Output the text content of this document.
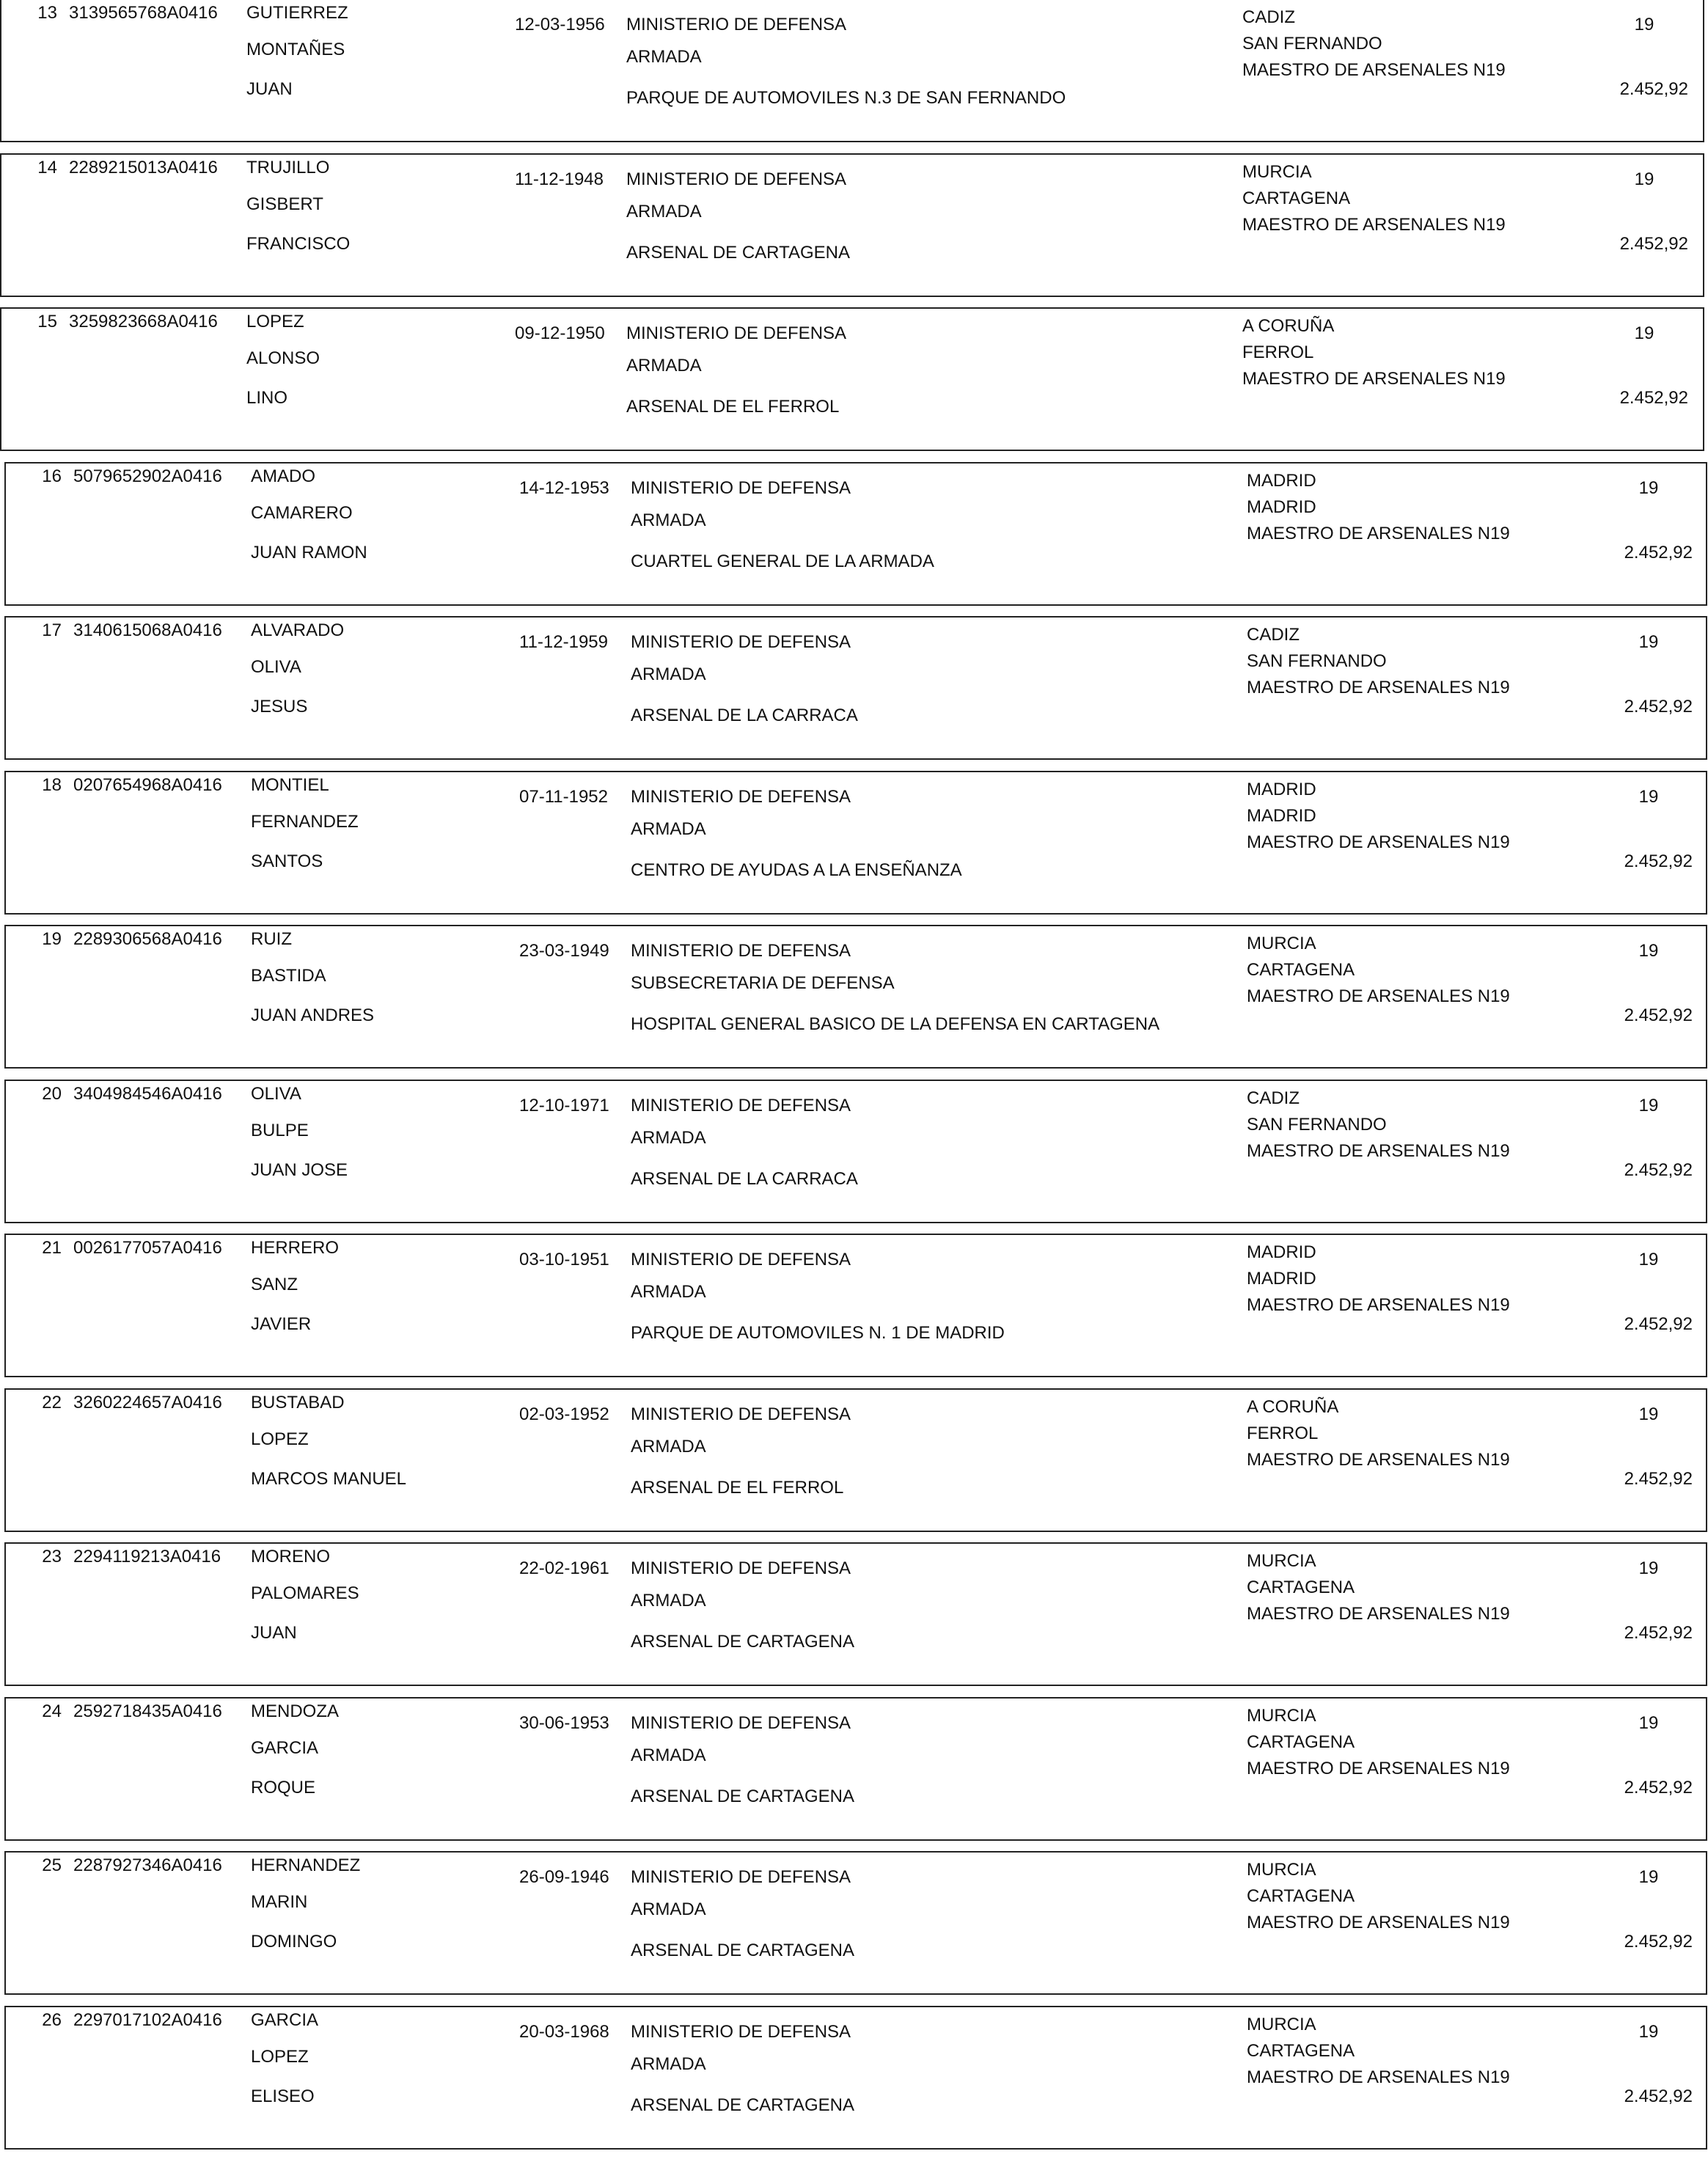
13 3139565768A0416 GUTIERREZ
MONTAÑES
JUAN
12-03-1956 MINISTERIO DE DEFENSA
ARMADA
PARQUE DE AUTOMOVILES N.3 DE SAN FERNANDO
CADIZ
SAN FERNANDO
MAESTRO DE ARSENALES N19
19
2.452,92
14 2289215013A0416 TRUJILLO
GISBERT
FRANCISCO
11-12-1948 MINISTERIO DE DEFENSA
ARMADA
ARSENAL DE CARTAGENA
MURCIA
CARTAGENA
MAESTRO DE ARSENALES N19
19
2.452,92
15 3259823668A0416 LOPEZ
ALONSO
LINO
09-12-1950 MINISTERIO DE DEFENSA
ARMADA
ARSENAL DE EL FERROL
A CORUÑA
FERROL
MAESTRO DE ARSENALES N19
19
2.452,92
16 5079652902A0416 AMADO
CAMARERO
JUAN RAMON
14-12-1953 MINISTERIO DE DEFENSA
ARMADA
CUARTEL GENERAL DE LA ARMADA
MADRID
MADRID
MAESTRO DE ARSENALES N19
19
2.452,92
17 3140615068A0416 ALVARADO
OLIVA
JESUS
11-12-1959 MINISTERIO DE DEFENSA
ARMADA
ARSENAL DE LA CARRACA
CADIZ
SAN FERNANDO
MAESTRO DE ARSENALES N19
19
2.452,92
18 0207654968A0416 MONTIEL
FERNANDEZ
SANTOS
07-11-1952 MINISTERIO DE DEFENSA
ARMADA
CENTRO DE AYUDAS A LA ENSEÑANZA
MADRID
MADRID
MAESTRO DE ARSENALES N19
19
2.452,92
19 2289306568A0416 RUIZ
BASTIDA
JUAN ANDRES
23-03-1949 MINISTERIO DE DEFENSA
SUBSECRETARIA DE DEFENSA
HOSPITAL GENERAL BASICO DE LA DEFENSA EN CARTAGENA
MURCIA
CARTAGENA
MAESTRO DE ARSENALES N19
19
2.452,92
20 3404984546A0416 OLIVA
BULPE
JUAN JOSE
12-10-1971 MINISTERIO DE DEFENSA
ARMADA
ARSENAL DE LA CARRACA
CADIZ
SAN FERNANDO
MAESTRO DE ARSENALES N19
19
2.452,92
21 0026177057A0416 HERRERO
SANZ
JAVIER
03-10-1951 MINISTERIO DE DEFENSA
ARMADA
PARQUE DE AUTOMOVILES N. 1 DE MADRID
MADRID
MADRID
MAESTRO DE ARSENALES N19
19
2.452,92
22 3260224657A0416 BUSTABAD
LOPEZ
MARCOS MANUEL
02-03-1952 MINISTERIO DE DEFENSA
ARMADA
ARSENAL DE EL FERROL
A CORUÑA
FERROL
MAESTRO DE ARSENALES N19
19
2.452,92
23 2294119213A0416 MORENO
PALOMARES
JUAN
22-02-1961 MINISTERIO DE DEFENSA
ARMADA
ARSENAL DE CARTAGENA
MURCIA
CARTAGENA
MAESTRO DE ARSENALES N19
19
2.452,92
24 2592718435A0416 MENDOZA
GARCIA
ROQUE
30-06-1953 MINISTERIO DE DEFENSA
ARMADA
ARSENAL DE CARTAGENA
MURCIA
CARTAGENA
MAESTRO DE ARSENALES N19
19
2.452,92
25 2287927346A0416 HERNANDEZ
MARIN
DOMINGO
26-09-1946 MINISTERIO DE DEFENSA
ARMADA
ARSENAL DE CARTAGENA
MURCIA
CARTAGENA
MAESTRO DE ARSENALES N19
19
2.452,92
26 2297017102A0416 GARCIA
LOPEZ
ELISEO
20-03-1968 MINISTERIO DE DEFENSA
ARMADA
ARSENAL DE CARTAGENA
MURCIA
CARTAGENA
MAESTRO DE ARSENALES N19
19
2.452,92
